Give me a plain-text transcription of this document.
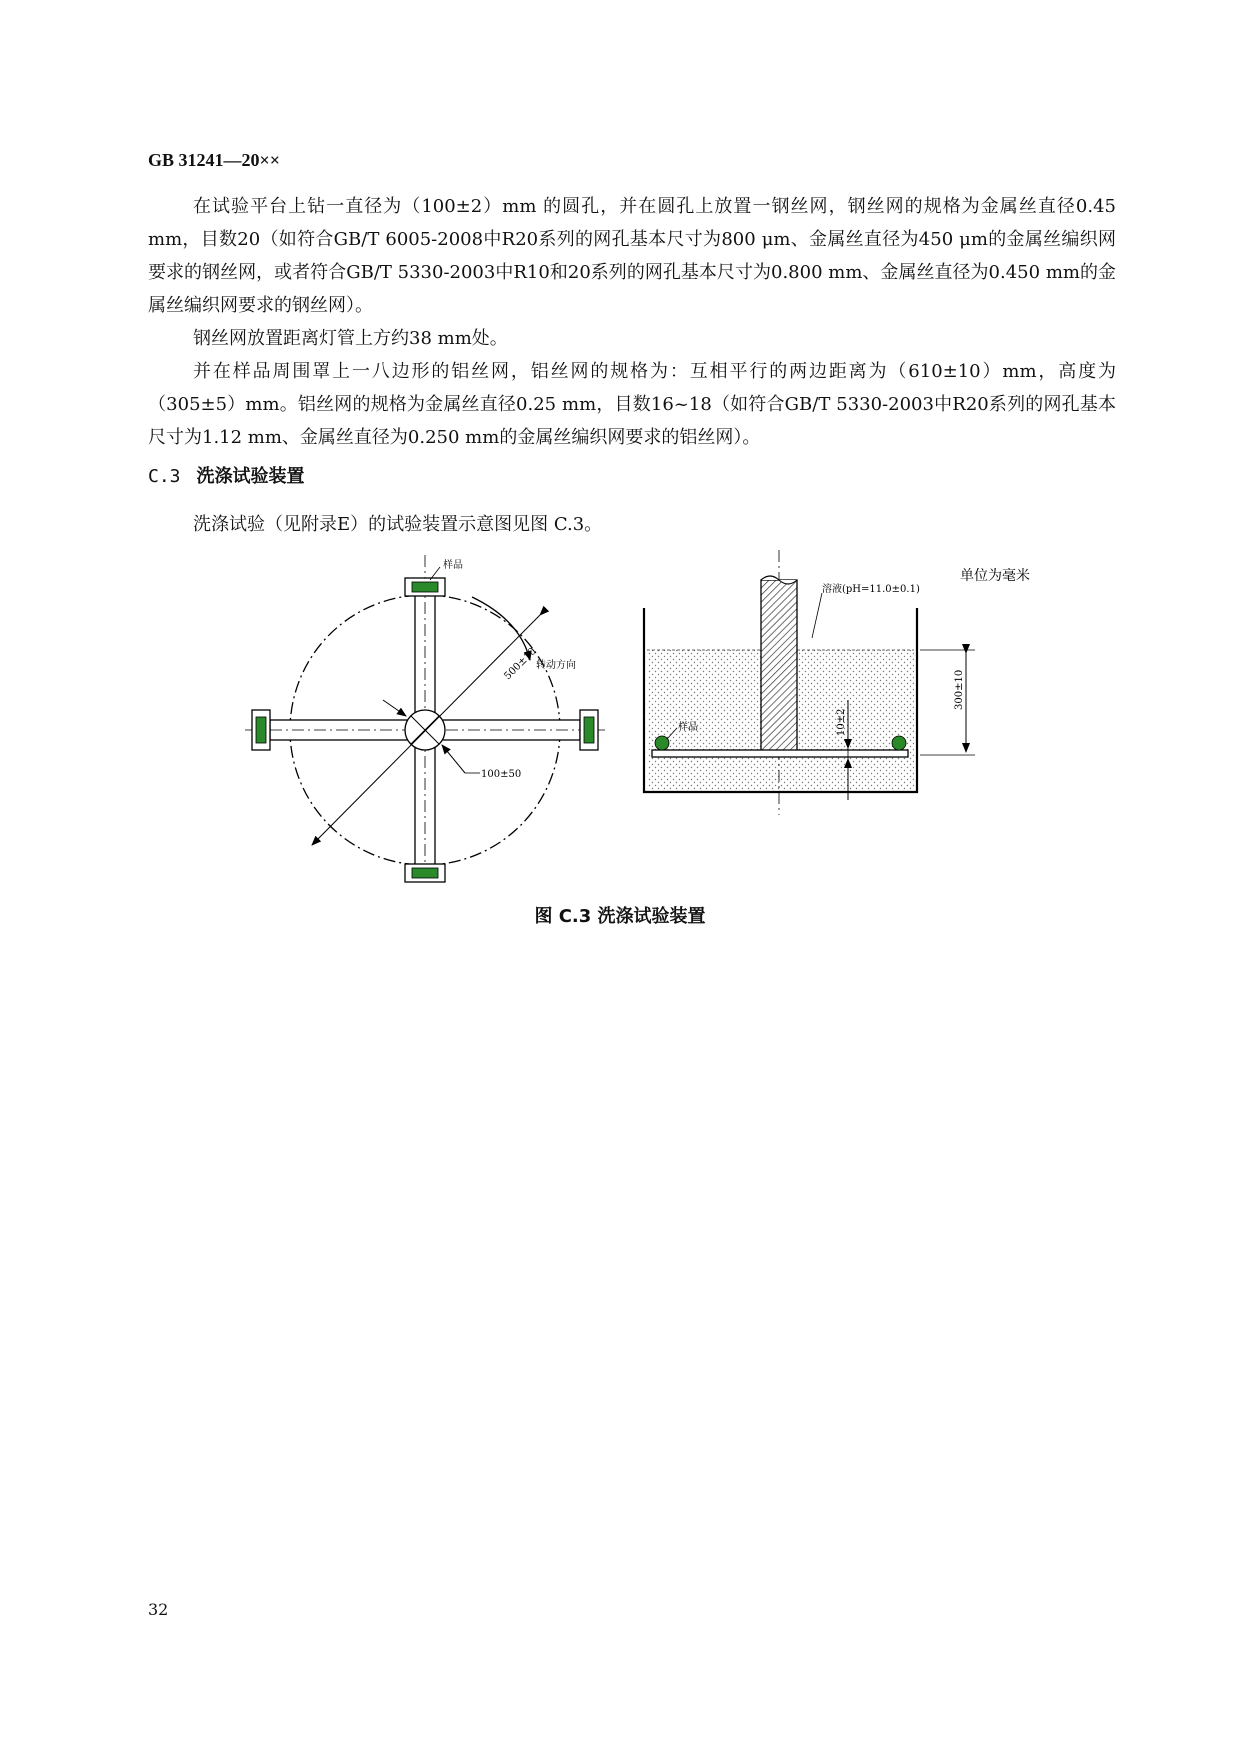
GB 31241—20××

在试验平台上钻一直径为（100±2）mm 的圆孔，并在圆孔上放置一钢丝网，钢丝网的规格为金属丝直径0.45 mm，目数20（如符合GB/T 6005-2008中R20系列的网孔基本尺寸为800 μm、金属丝直径为450 μm的金属丝编织网要求的钢丝网，或者符合GB/T 5330-2003中R10和20系列的网孔基本尺寸为0.800 mm、金属丝直径为0.450 mm的金属丝编织网要求的钢丝网）。

钢丝网放置距离灯管上方约38 mm处。

并在样品周围罩上一八边形的铝丝网，铝丝网的规格为：互相平行的两边距离为（610±10）mm，高度为（305±5）mm。铝丝网的规格为金属丝直径0.25 mm，目数16~18（如符合GB/T 5330-2003中R20系列的网孔基本尺寸为1.12 mm、金属丝直径为0.250 mm的金属丝编织网要求的铝丝网）。

C.3 洗涤试验装置
洗涤试验（见附录E）的试验装置示意图见图 C.3。
样品
转动方向
500±10
100±50
单位为毫米
样品
溶液(pH=11.0±0.1)
300±10
10±2
图 C.3 洗涤试验装置
32
